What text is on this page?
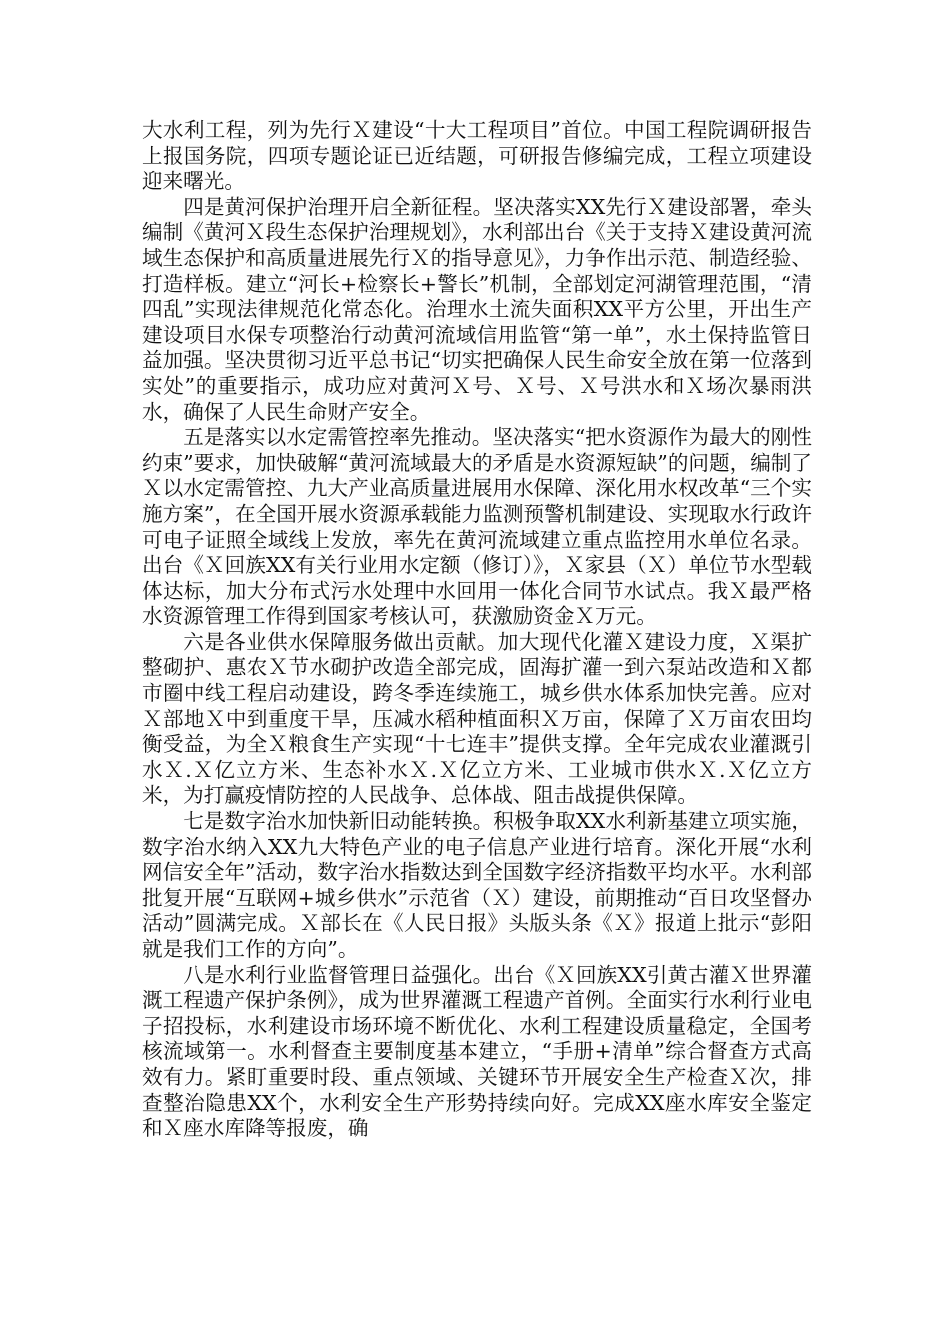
大水利工程，列为先行Ｘ建设“十大工程项目”首位。中国工程院调研报告上报国务院，四项专题论证已近结题，可研报告修编完成，工程立项建设迎来曙光。

四是黄河保护治理开启全新征程。坚决落实XX先行Ｘ建设部署，牵头编制《黄河Ｘ段生态保护治理规划》，水利部出台《关于支持Ｘ建设黄河流域生态保护和高质量进展先行Ｘ的指导意见》，力争作出示范、制造经验、打造样板。建立“河长+检察长+警长”机制，全部划定河湖管理范围，“清四乱”实现法律规范化常态化。治理水土流失面积XX平方公里，开出生产建设项目水保专项整治行动黄河流域信用监管“第一单”，水土保持监管日益加强。坚决贯彻习近平总书记“切实把确保人民生命安全放在第一位落到实处”的重要指示，成功应对黄河Ｘ号、Ｘ号、Ｘ号洪水和Ｘ场次暴雨洪水，确保了人民生命财产安全。

五是落实以水定需管控率先推动。坚决落实“把水资源作为最大的刚性约束”要求，加快破解“黄河流域最大的矛盾是水资源短缺”的问题，编制了Ｘ以水定需管控、九大产业高质量进展用水保障、深化用水权改革“三个实施方案”，在全国开展水资源承载能力监测预警机制建设、实现取水行政许可电子证照全域线上发放，率先在黄河流域建立重点监控用水单位名录。出台《Ｘ回族XX有关行业用水定额（修订）》，Ｘ家县（Ｘ）单位节水型载体达标，加大分布式污水处理中水回用一体化合同节水试点。我Ｘ最严格水资源管理工作得到国家考核认可，获激励资金Ｘ万元。

六是各业供水保障服务做出贡献。加大现代化灌Ｘ建设力度，Ｘ渠扩整砌护、惠农Ｘ节水砌护改造全部完成，固海扩灌一到六泵站改造和Ｘ都市圈中线工程启动建设，跨冬季连续施工，城乡供水体系加快完善。应对Ｘ部地Ｘ中到重度干旱，压减水稻种植面积Ｘ万亩，保障了Ｘ万亩农田均衡受益，为全Ｘ粮食生产实现“十七连丰”提供支撑。全年完成农业灌溉引水Ｘ.Ｘ亿立方米、生态补水Ｘ.Ｘ亿立方米、工业城市供水Ｘ.Ｘ亿立方米，为打赢疫情防控的人民战争、总体战、阻击战提供保障。

七是数字治水加快新旧动能转换。积极争取XX水利新基建立项实施，数字治水纳入XX九大特色产业的电子信息产业进行培育。深化开展“水利网信安全年”活动，数字治水指数达到全国数字经济指数平均水平。水利部批复开展“互联网+城乡供水”示范省（Ｘ）建设，前期推动“百日攻坚督办活动”圆满完成。Ｘ部长在《人民日报》头版头条《Ｘ》报道上批示“彭阳就是我们工作的方向”。

八是水利行业监督管理日益强化。出台《Ｘ回族XX引黄古灌Ｘ世界灌溉工程遗产保护条例》，成为世界灌溉工程遗产首例。全面实行水利行业电子招投标，水利建设市场环境不断优化、水利工程建设质量稳定，全国考核流域第一。水利督查主要制度基本建立，“手册+清单”综合督查方式高效有力。紧盯重要时段、重点领域、关键环节开展安全生产检查Ｘ次，排查整治隐患XX个，水利安全生产形势持续向好。完成XX座水库安全鉴定和Ｘ座水库降等报废，确
